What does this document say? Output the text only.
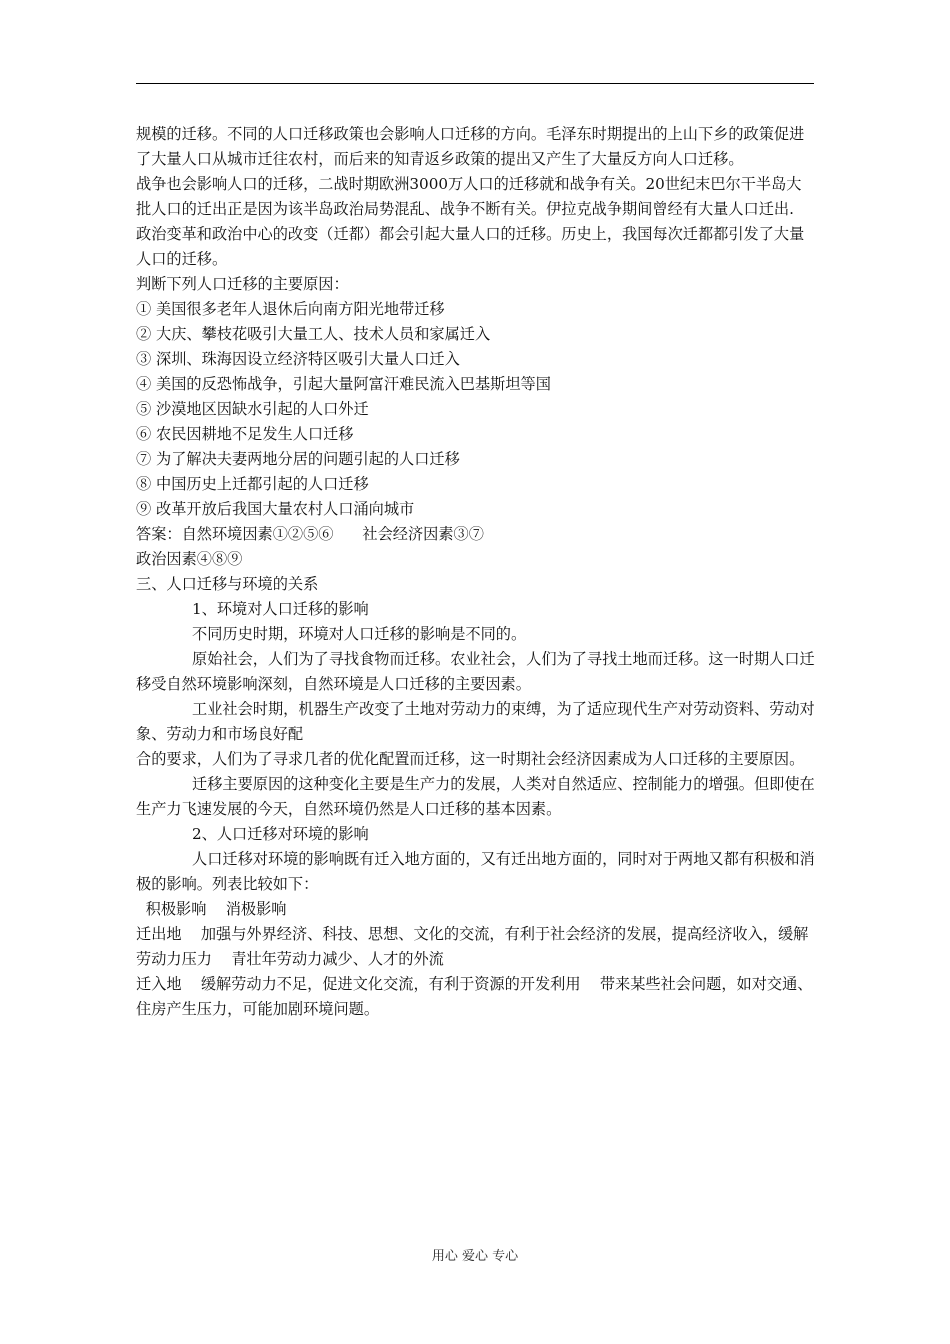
规模的迁移。不同的人口迁移政策也会影响人口迁移的方向。毛泽东时期提出的上山下乡的政策促进了大量人口从城市迁往农村，而后来的知青返乡政策的提出又产生了大量反方向人口迁移。

战争也会影响人口的迁移，二战时期欧洲3000万人口的迁移就和战争有关。20世纪末巴尔干半岛大批人口的迁出正是因为该半岛政治局势混乱、战争不断有关。伊拉克战争期间曾经有大量人口迁出.

政治变革和政治中心的改变（迁都）都会引起大量人口的迁移。历史上，我国每次迁都都引发了大量人口的迁移。

判断下列人口迁移的主要原因：

① 美国很多老年人退休后向南方阳光地带迁移

② 大庆、攀枝花吸引大量工人、技术人员和家属迁入

③ 深圳、珠海因设立经济特区吸引大量人口迁入

④ 美国的反恐怖战争，引起大量阿富汗难民流入巴基斯坦等国

⑤ 沙漠地区因缺水引起的人口外迁

⑥ 农民因耕地不足发生人口迁移

⑦ 为了解决夫妻两地分居的问题引起的人口迁移

⑧ 中国历史上迁都引起的人口迁移

⑨ 改革开放后我国大量农村人口涌向城市

答案：自然环境因素①②⑤⑥      社会经济因素③⑦

政治因素④⑧⑨

三、人口迁移与环境的关系

1、环境对人口迁移的影响

不同历史时期，环境对人口迁移的影响是不同的。

原始社会，人们为了寻找食物而迁移。农业社会，人们为了寻找土地而迁移。这一时期人口迁移受自然环境影响深刻，自然环境是人口迁移的主要因素。

工业社会时期，机器生产改变了土地对劳动力的束缚，为了适应现代生产对劳动资料、劳动对象、劳动力和市场良好配

合的要求，人们为了寻求几者的优化配置而迁移，这一时期社会经济因素成为人口迁移的主要原因。

迁移主要原因的这种变化主要是生产力的发展，人类对自然适应、控制能力的增强。但即使在生产力飞速发展的今天，自然环境仍然是人口迁移的基本因素。

2、人口迁移对环境的影响

人口迁移对环境的影响既有迁入地方面的，又有迁出地方面的，同时对于两地又都有积极和消极的影响。列表比较如下：

积极影响    消极影响

迁出地    加强与外界经济、科技、思想、文化的交流，有利于社会经济的发展，提高经济收入，缓解劳动力压力    青壮年劳动力减少、人才的外流

迁入地    缓解劳动力不足，促进文化交流，有利于资源的开发利用    带来某些社会问题，如对交通、住房产生压力，可能加剧环境问题。

用心 爱心 专心
